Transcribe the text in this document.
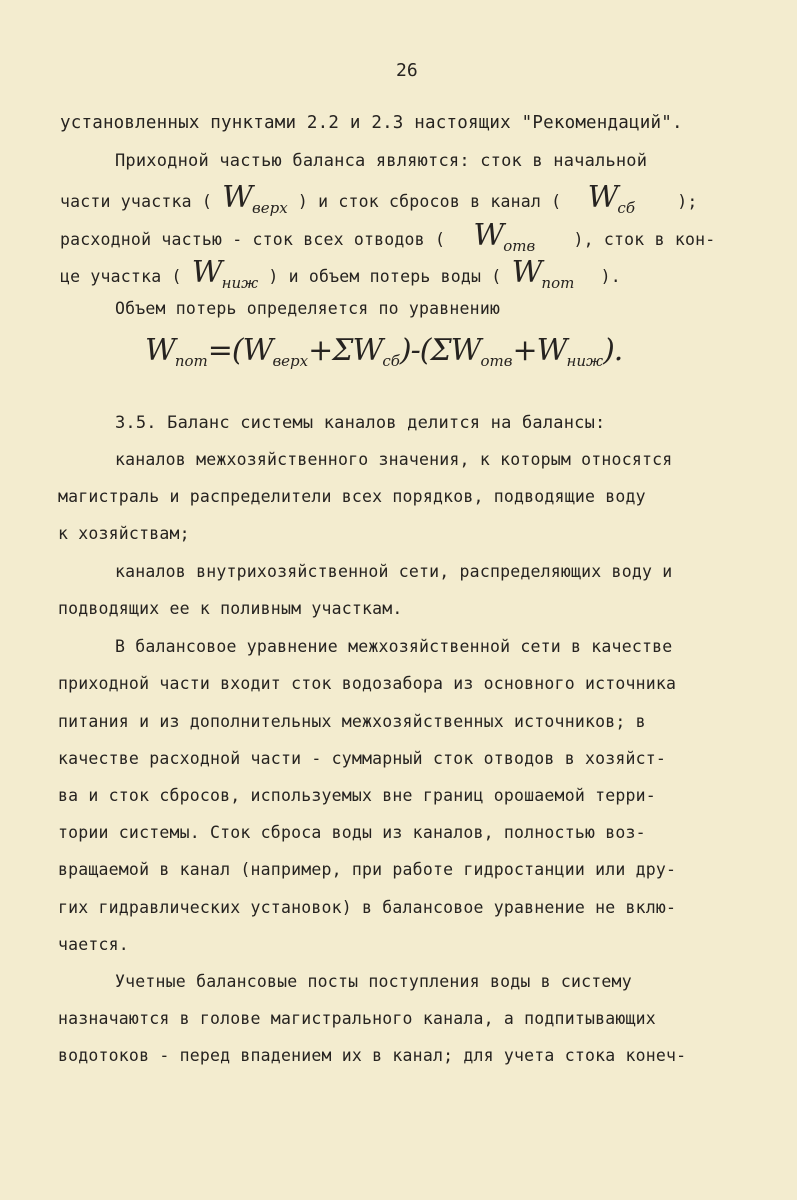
26
установленных пунктами 2.2 и 2.3 настоящих "Рекомендаций".
Приходной частью баланса являются: сток в начальной
части участка ( $W_{верх}$ ) и сток сбросов в канал ( $W_{сб}$	);
расходной частью - сток всех отводов ( $W_{отв}$ ), сток в кон-
це участка ( $W_{ниж}$ ) и объем потерь воды ( $W_{пот}$ ).
Объем потерь определяется по уравнению
$W_{пот}=(W_{верх}+\Sigma W_{сб})-(\Sigma W_{отв}+W_{ниж})$.
3.5. Баланс системы каналов делится на балансы:
каналов межхозяйственного значения, к которым относятся
магистраль и распределители всех порядков, подводящие воду
к хозяйствам;
каналов внутрихозяйственной сети, распределяющих воду и
подводящих ее к поливным участкам.
В балансовое уравнение межхозяйственной сети в качестве
приходной части входит сток водозабора из основного источника
питания и из дополнительных межхозяйственных источников; в
качестве расходной части - суммарный сток отводов в хозяйст-
ва и сток сбросов, используемых вне границ орошаемой терри-
тории системы. Сток сброса воды из каналов, полностью воз-
вращаемой в канал (например, при работе гидростанции или дру-
гих гидравлических установок) в балансовое уравнение не вклю-
чается.
Учетные балансовые посты поступления воды в систему
назначаются в голове магистрального канала, а подпитывающих
водотоков - перед впадением их в канал; для учета стока конеч-
